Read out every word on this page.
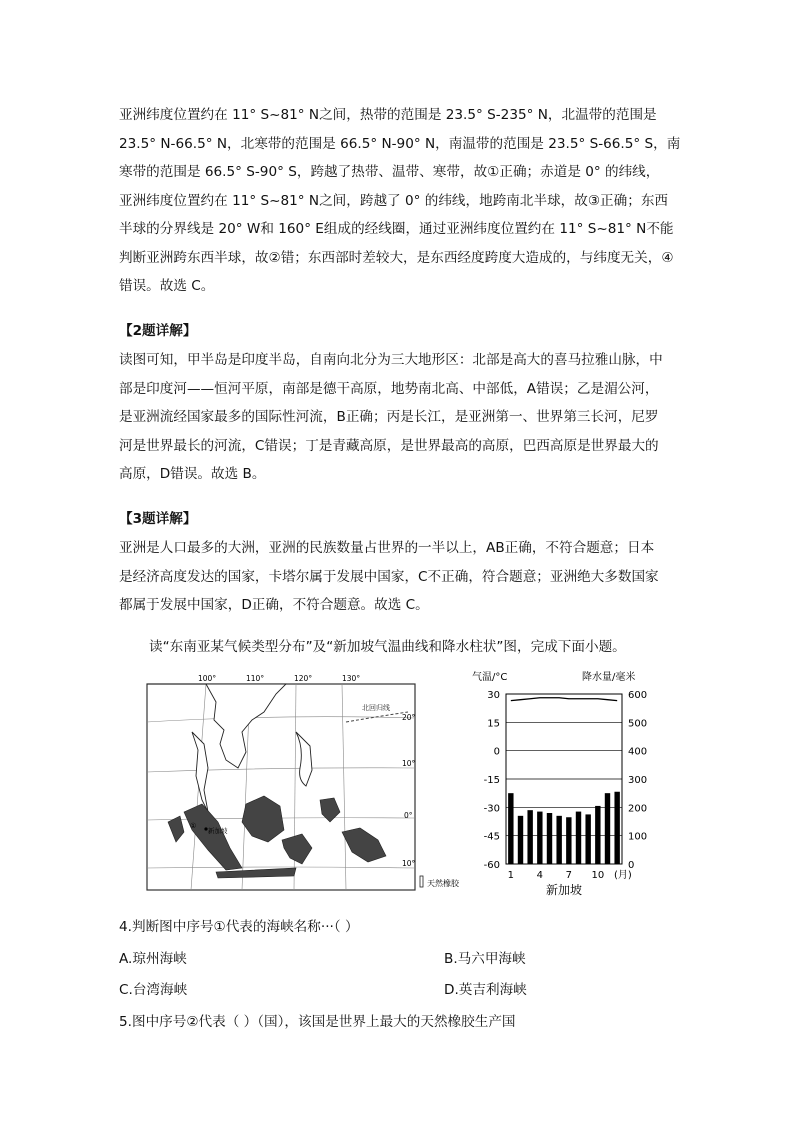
亚洲纬度位置约在 11° S~81° N之间，热带的范围是 23.5° S-235° N，北温带的范围是
23.5° N-66.5° N，北寒带的范围是 66.5° N-90° N，南温带的范围是 23.5° S-66.5° S，南
寒带的范围是 66.5° S-90° S，跨越了热带、温带、寒带，故①正确；赤道是 0° 的纬线，
亚洲纬度位置约在 11° S~81° N之间，跨越了 0° 的纬线，地跨南北半球，故③正确；东西
半球的分界线是 20° W和 160° E组成的经线圈，通过亚洲纬度位置约在 11° S~81° N不能
判断亚洲跨东西半球，故②错；东西部时差较大，是东西经度跨度大造成的，与纬度无关，④
错误。故选 C。
【2题详解】
读图可知，甲半岛是印度半岛，自南向北分为三大地形区：北部是高大的喜马拉雅山脉，中
部是印度河——恒河平原，南部是德干高原，地势南北高、中部低，A错误；乙是湄公河，
是亚洲流经国家最多的国际性河流，B正确；丙是长江，是亚洲第一、世界第三长河，尼罗
河是世界最长的河流，C错误；丁是青藏高原，是世界最高的高原，巴西高原是世界最大的
高原，D错误。故选 B。
【3题详解】
亚洲是人口最多的大洲，亚洲的民族数量占世界的一半以上，AB正确，不符合题意；日本
是经济高度发达的国家，卡塔尔属于发展中国家，C不正确，符合题意；亚洲绝大多数国家
都属于发展中国家，D正确，不符合题意。故选 C。
读“东南亚某气候类型分布”及“新加坡气温曲线和降水柱状”图，完成下面小题。
北回归线
100°	110°	120°	130°
20°
10°
0°
10°
新加坡
①
天然橡胶
气温/°C	降水量/毫米
30
15
0
-15
-30
-45
-60
600
500
400
300
200
100
0
1 4 7 10 (月)
新加坡
4.判断图中序号①代表的海峡名称···（ ）
A.琼州海峡	B.马六甲海峡
C.台湾海峡	D.英吉利海峡
5.图中序号②代表（ ）（国），该国是世界上最大的天然橡胶生产国
